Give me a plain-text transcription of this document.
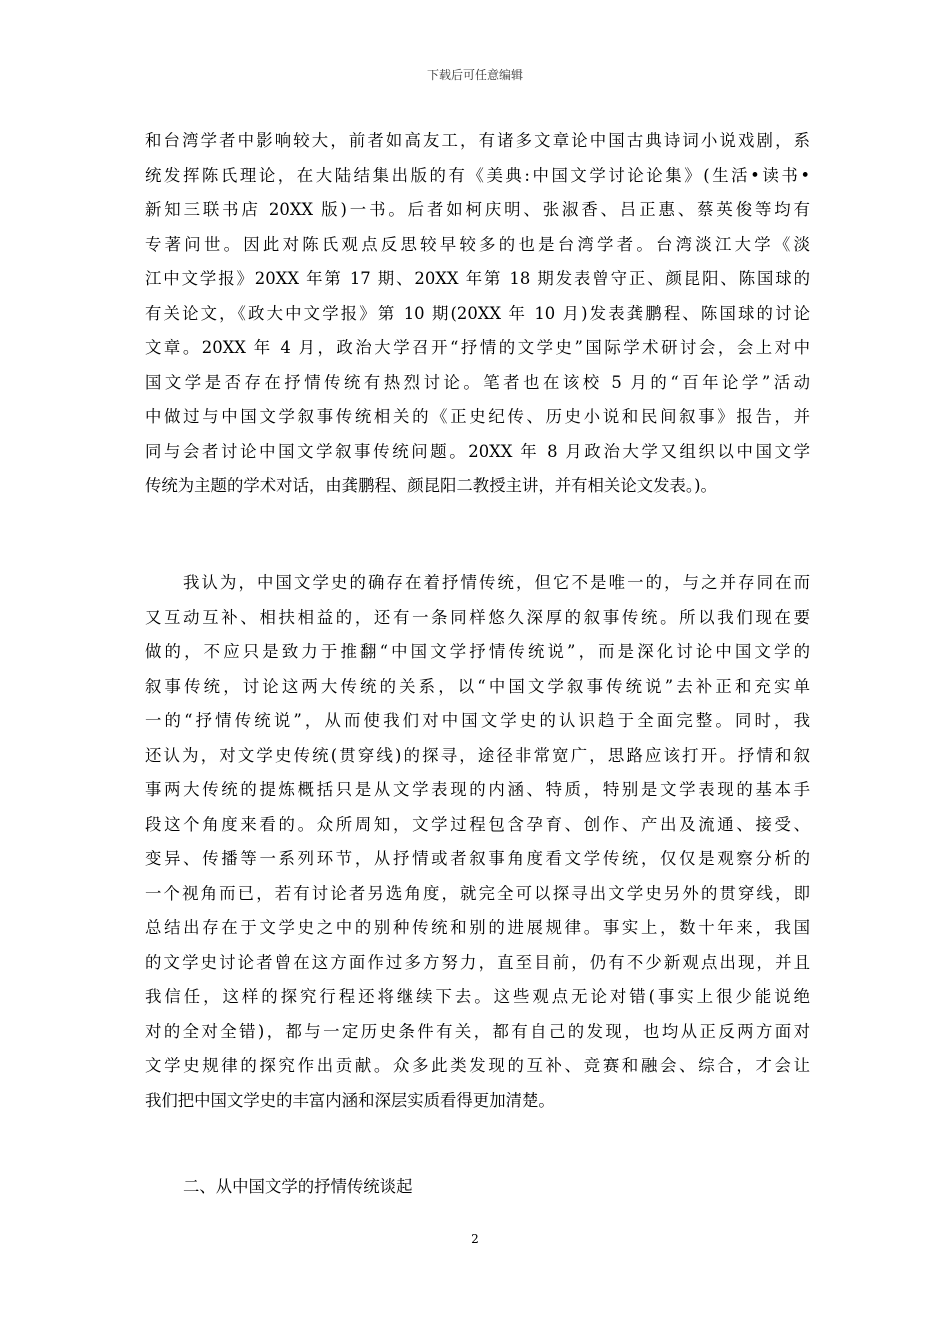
下载后可任意编辑
和台湾学者中影响较大，前者如高友工，有诸多文章论中国古典诗词小说戏剧，系
统发挥陈氏理论，在大陆结集出版的有《美典:中国文学讨论论集》(生活•读书•
新知三联书店 20XX 版)一书。后者如柯庆明、张淑香、吕正惠、蔡英俊等均有
专著问世。因此对陈氏观点反思较早较多的也是台湾学者。台湾淡江大学《淡
江中文学报》20XX 年第 17 期、20XX 年第 18 期发表曾守正、颜昆阳、陈国球的
有关论文，《政大中文学报》第 10 期(20XX 年 10 月)发表龚鹏程、陈国球的讨论
文章。20XX 年 4 月，政治大学召开“抒情的文学史”国际学术研讨会，会上对中
国文学是否存在抒情传统有热烈讨论。笔者也在该校 5 月的“百年论学”活动
中做过与中国文学叙事传统相关的《正史纪传、历史小说和民间叙事》报告，并
同与会者讨论中国文学叙事传统问题。20XX 年 8 月政治大学又组织以中国文学
传统为主题的学术对话，由龚鹏程、颜昆阳二教授主讲，并有相关论文发表。)。
我认为，中国文学史的确存在着抒情传统，但它不是唯一的，与之并存同在而
又互动互补、相扶相益的，还有一条同样悠久深厚的叙事传统。所以我们现在要
做的，不应只是致力于推翻“中国文学抒情传统说”，而是深化讨论中国文学的
叙事传统，讨论这两大传统的关系，以“中国文学叙事传统说”去补正和充实单
一的“抒情传统说”，从而使我们对中国文学史的认识趋于全面完整。同时，我
还认为，对文学史传统(贯穿线)的探寻，途径非常宽广，思路应该打开。抒情和叙
事两大传统的提炼概括只是从文学表现的内涵、特质，特别是文学表现的基本手
段这个角度来看的。众所周知，文学过程包含孕育、创作、产出及流通、接受、
变异、传播等一系列环节，从抒情或者叙事角度看文学传统，仅仅是观察分析的
一个视角而已，若有讨论者另选角度，就完全可以探寻出文学史另外的贯穿线，即
总结出存在于文学史之中的别种传统和别的进展规律。事实上，数十年来，我国
的文学史讨论者曾在这方面作过多方努力，直至目前，仍有不少新观点出现，并且
我信任，这样的探究行程还将继续下去。这些观点无论对错(事实上很少能说绝
对的全对全错)，都与一定历史条件有关，都有自己的发现，也均从正反两方面对
文学史规律的探究作出贡献。众多此类发现的互补、竞赛和融会、综合，才会让
我们把中国文学史的丰富内涵和深层实质看得更加清楚。
二、从中国文学的抒情传统谈起
2
